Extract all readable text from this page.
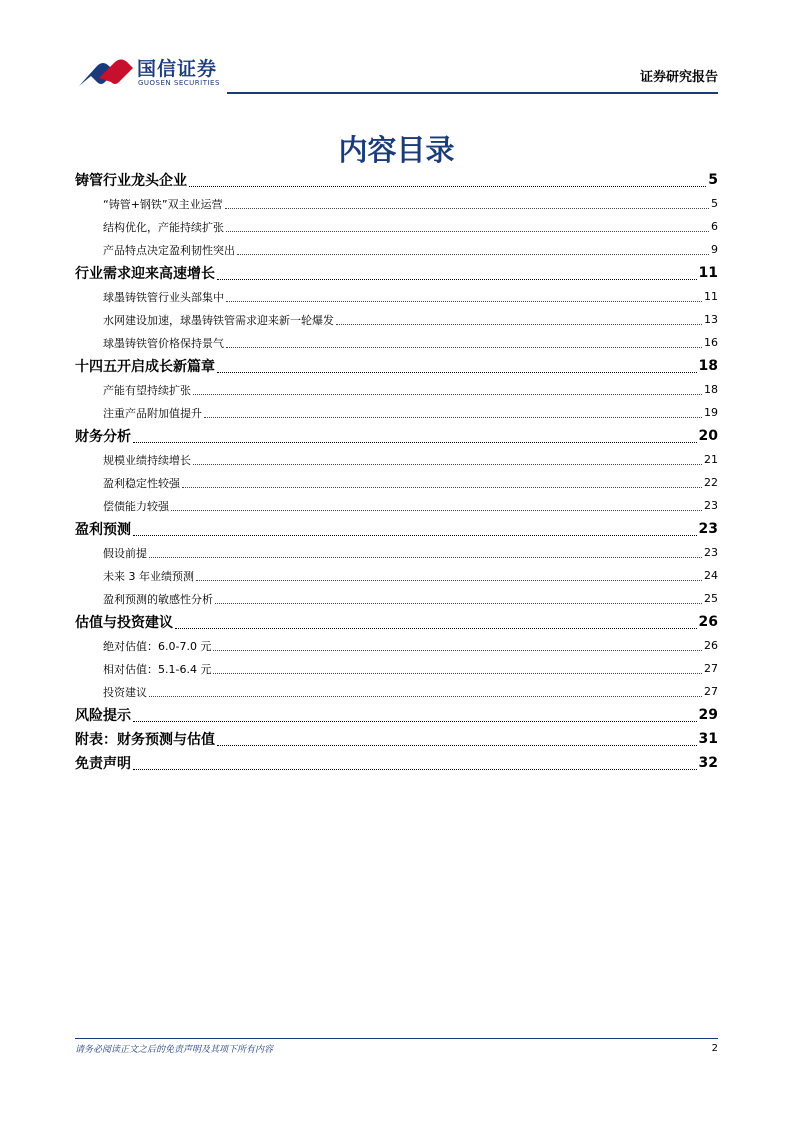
国信证券
GUOSEN SECURITIES	证券研究报告
内容目录
铸管行业龙头企业	5
“铸管+钢铁”双主业运营	5
结构优化，产能持续扩张	6
产品特点决定盈利韧性突出	9
行业需求迎来高速增长	11
球墨铸铁管行业头部集中	11
水网建设加速，球墨铸铁管需求迎来新一轮爆发	13
球墨铸铁管价格保持景气	16
十四五开启成长新篇章	18
产能有望持续扩张	18
注重产品附加值提升	19
财务分析	20
规模业绩持续增长	21
盈利稳定性较强	22
偿债能力较强	23
盈利预测	23
假设前提	23
未来 3 年业绩预测	24
盈利预测的敏感性分析	25
估值与投资建议	26
绝对估值：6.0-7.0 元	26
相对估值：5.1-6.4 元	27
投资建议	27
风险提示	29
附表：财务预测与估值	31
免责声明	32
请务必阅读正文之后的免责声明及其项下所有内容	2
